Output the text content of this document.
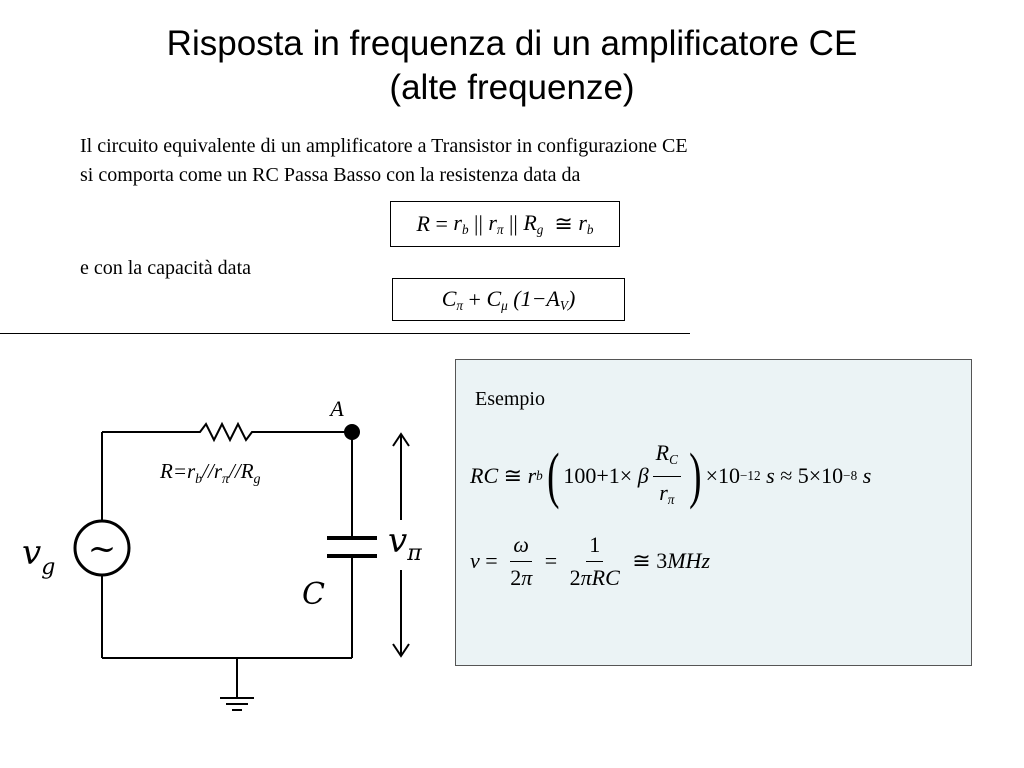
Risposta in frequenza di un amplificatore CE
(alte frequenze)
Il circuito equivalente di un amplificatore a Transistor in configurazione CE
si comporta come un RC Passa Basso con la resistenza data da
R
=
$r_b$
||
$r_\pi$
||
$R_g$
≅
$r_b$
e con la capacità data
$C_\pi$
+
$C_\mu$
$(1-A_V)$
~
A
$R=r_b//r_\pi//R_g$
C
$v_g$
$v_\pi$
Esempio
RC ≅ r b ( 100+1× β $\frac{R_C}{r_\pi}$ ) ×10 −12
s ≈ 5×10 −8
s
$\nu = \frac{\omega}{2\pi} = \frac{1}{\text{2πRC}}$ ≅ 3 MHz
